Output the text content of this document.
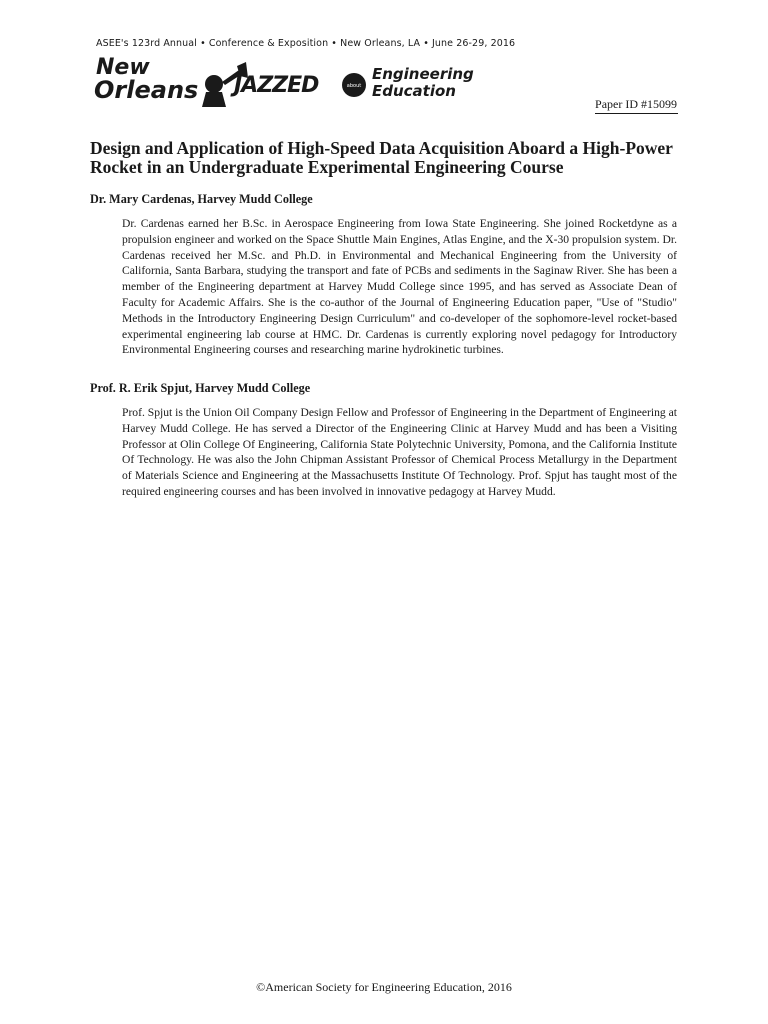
ASEE's 123rd Annual • Conference & Exposition • New Orleans, LA • June 26-29, 2016
New
Orleans JAZZED	about
Engineering
Education
Paper ID #15099
Design and Application of High-Speed Data Acquisition Aboard a High-Power Rocket in an Undergraduate Experimental Engineering Course
Dr. Mary Cardenas, Harvey Mudd College

Dr. Cardenas earned her B.Sc. in Aerospace Engineering from Iowa State Engineering. She joined Rocketdyne as a propulsion engineer and worked on the Space Shuttle Main Engines, Atlas Engine, and the X-30 propulsion system. Dr. Cardenas received her M.Sc. and Ph.D. in Environmental and Mechanical Engineering from the University of California, Santa Barbara, studying the transport and fate of PCBs and sediments in the Saginaw River. She has been a member of the Engineering department at Harvey Mudd College since 1995, and has served as Associate Dean of Faculty for Academic Affairs. She is the co-author of the Journal of Engineering Education paper, "Use of "Studio" Methods in the Introductory Engineering Design Curriculum" and co-developer of the sophomore-level rocket-based experimental engineering lab course at HMC. Dr. Cardenas is currently exploring novel pedagogy for Introductory Environmental Engineering courses and researching marine hydrokinetic turbines.

Prof. R. Erik Spjut, Harvey Mudd College

Prof. Spjut is the Union Oil Company Design Fellow and Professor of Engineering in the Department of Engineering at Harvey Mudd College. He has served a Director of the Engineering Clinic at Harvey Mudd and has been a Visiting Professor at Olin College Of Engineering, California State Polytechnic University, Pomona, and the California Institute Of Technology. He was also the John Chipman Assistant Professor of Chemical Process Metallurgy in the Department of Materials Science and Engineering at the Massachusetts Institute Of Technology. Prof. Spjut has taught most of the required engineering courses and has been involved in innovative pedagogy at Harvey Mudd.

©American Society for Engineering Education, 2016
